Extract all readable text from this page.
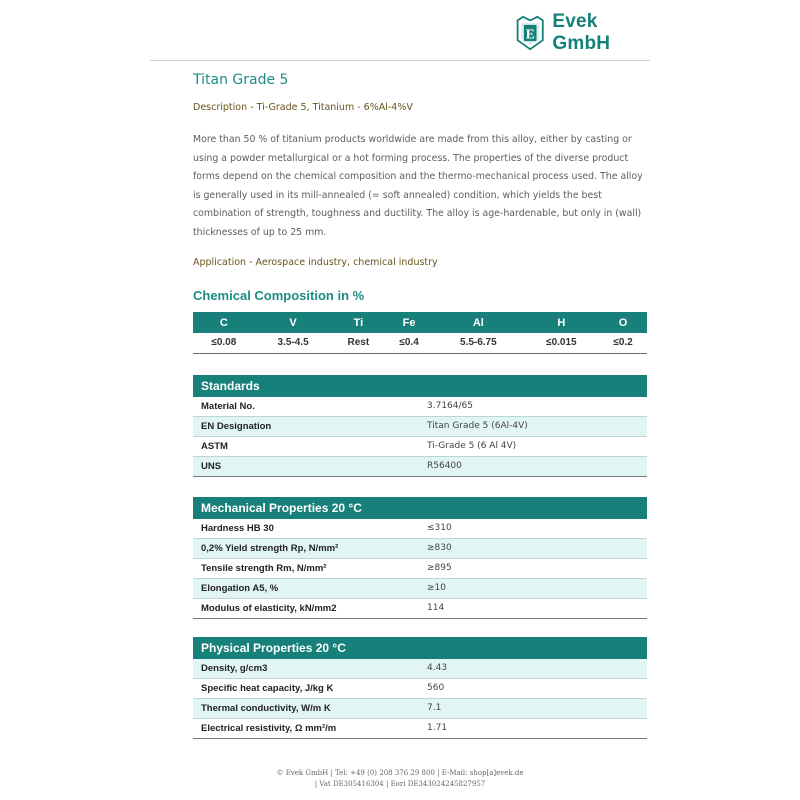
E
Evek GmbH
Titan Grade 5

Description - Ti-Grade 5, Titanium - 6%Al-4%V

More than 50 % of titanium products worldwide are made from this alloy, either by casting or using a powder metallurgical or a hot forming process. The properties of the diverse product forms depend on the chemical composition and the thermo-mechanical process used. The alloy is generally used in its mill-annealed (= soft annealed) condition, which yields the best combination of strength, toughness and ductility. The alloy is age-hardenable, but only in (wall) thicknesses of up to 25 mm.

Application - Aerospace industry, chemical industry

Chemical Composition in %
C	V	Ti	Fe	Al	H	O
≤0.08	3.5-4.5	Rest	≤0.4	5.5-6.75	≤0.015	≤0.2
Standards
Material No.	3.7164/65
EN Designation	Titan Grade 5 (6Al-4V)
ASTM	Ti-Grade 5 (6 Al 4V)
UNS	R56400
Mechanical Properties 20 °C
Hardness HB 30	≤310
0,2% Yield strength Rp, N/mm²	≥830
Tensile strength Rm, N/mm²	≥895
Elongation A5, %	≥10
Modulus of elasticity, kN/mm2	114
Physical Properties 20 °C
Density, g/cm3	4.43
Specific heat capacity, J/kg K	560
Thermal conductivity, W/m K	7.1
Electrical resistivity, Ω mm²/m	1.71
© Evek GmbH | Tel: +49 (0) 208 376 29 800 | E-Mail: shop[a]evek.de
| Vat DE305416304 | Eori DE343024245827957
